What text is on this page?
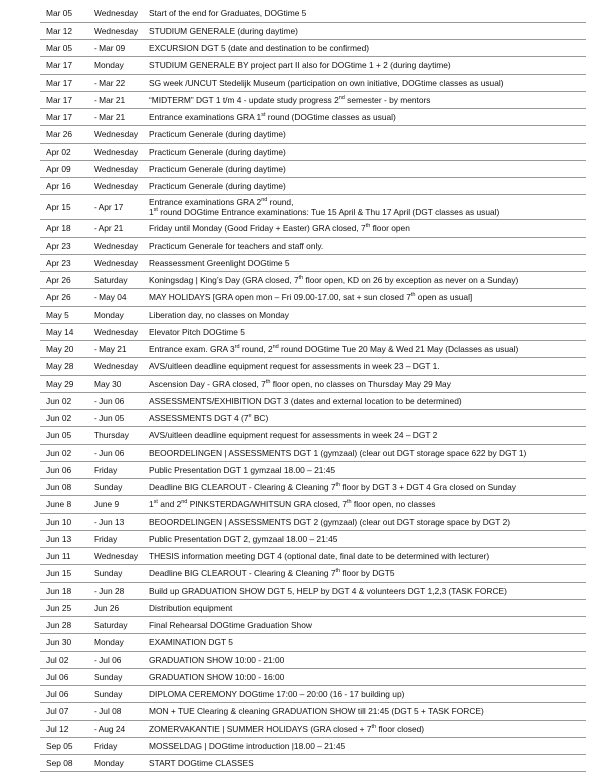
Mar 05	Wednesday	Start of the end for Graduates, DOGtime 5

Mar 12	Wednesday	STUDIUM GENERALE (during daytime)

Mar 05	- Mar 09	EXCURSION DGT 5 (date and destination to be confirmed)

Mar 17	Monday	STUDIUM GENERALE BY project part II also for DOGtime 1 + 2 (during daytime)

Mar 17	- Mar 22	SG week /UNCUT Stedelijk Museum (participation on own initiative, DOGtime classes as usual)

Mar 17	- Mar 21	“MIDTERM” DGT 1 t/m 4 - update study progress 2nd semester - by mentors

Mar 17	- Mar 21	Entrance examinations GRA 1st round (DOGtime classes as usual)

Mar 26	Wednesday	Practicum Generale (during daytime)

Apr 02	Wednesday	Practicum Generale (during daytime)

Apr 09	Wednesday	Practicum Generale (during daytime)

Apr 16	Wednesday	Practicum Generale (during daytime)

Apr 15	- Apr 17	Entrance examinations GRA 2nd round,
1st round DOGtime Entrance examinations: Tue 15 April & Thu 17 April (DGT classes as usual)

Apr 18	- Apr 21	Friday until Monday (Good Friday + Easter) GRA closed, 7th floor open

Apr 23	Wednesday	Practicum Generale for teachers and staff only.

Apr 23	Wednesday	Reassessment Greenlight DOGtime 5

Apr 26	Saturday	Koningsdag | King’s Day (GRA closed, 7th floor open, KD on 26 by exception as never on a Sunday)

Apr 26	- May 04	MAY HOLIDAYS [GRA open mon – Fri 09.00-17.00, sat + sun closed 7th open as usual]

May 5	Monday	Liberation day, no classes on Monday

May 14	Wednesday	Elevator Pitch DOGtime 5

May 20	- May 21	Entrance exam. GRA 3rd round, 2nd round DOGtime Tue 20 May & Wed 21 May (Dclasses as usual)

May 28	Wednesday	AVS/uitleen deadline equipment request for assessments in week 23 – DGT 1.

May 29	May 30	Ascension Day - GRA closed, 7th floor open, no classes on Thursday May 29 May

Jun 02	- Jun 06	ASSESSMENTS/EXHIBITION DGT 3 (dates and external location to be determined)

Jun 02	- Jun 05	ASSESSMENTS DGT 4 (7e BC)

Jun 05	Thursday	AVS/uitleen deadline equipment request for assessments in week 24 – DGT 2

Jun 02	- Jun 06	BEOORDELINGEN | ASSESSMENTS DGT 1 (gymzaal) (clear out DGT storage space 622 by DGT 1)

Jun 06	Friday	Public Presentation DGT 1 gymzaal 18.00 – 21:45

Jun 08	Sunday	Deadline BIG CLEAROUT - Clearing & Cleaning 7th floor by DGT 3 + DGT 4 Gra closed on Sunday

June 8	June 9	1st and 2nd PINKSTERDAG/WHITSUN GRA closed, 7th floor open, no classes

Jun 10	- Jun 13	BEOORDELINGEN | ASSESSMENTS DGT 2 (gymzaal) (clear out DGT storage space by DGT 2)

Jun 13	Friday	Public Presentation DGT 2, gymzaal 18.00 – 21:45

Jun 11	Wednesday	THESIS information meeting DGT 4 (optional date, final date to be determined with lecturer)

Jun 15	Sunday	Deadline BIG CLEAROUT - Clearing & Cleaning 7th floor by DGT5

Jun 18	- Jun 28	Build up GRADUATION SHOW DGT 5, HELP by DGT 4 & volunteers DGT 1,2,3 (TASK FORCE)

Jun 25	Jun 26	Distribution equipment

Jun 28	Saturday	Final Rehearsal DOGtime Graduation Show

Jun 30	Monday	EXAMINATION DGT 5

Jul 02	- Jul 06	GRADUATION SHOW 10:00 - 21:00

Jul 06	Sunday	GRADUATION SHOW 10:00 - 16:00

Jul 06	Sunday	DIPLOMA CEREMONY DOGtime 17:00 – 20:00 (16 - 17 building up)

Jul 07	- Jul 08	MON + TUE Clearing & cleaning GRADUATION SHOW till 21:45 (DGT 5 + TASK FORCE)

Jul 12	- Aug 24	ZOMERVAKANTIE | SUMMER HOLIDAYS (GRA closed + 7th floor closed)

Sep 05	Friday	MOSSELDAG | DOGtime introduction |18.00 – 21:45

Sep 08	Monday	START DOGtime CLASSES
